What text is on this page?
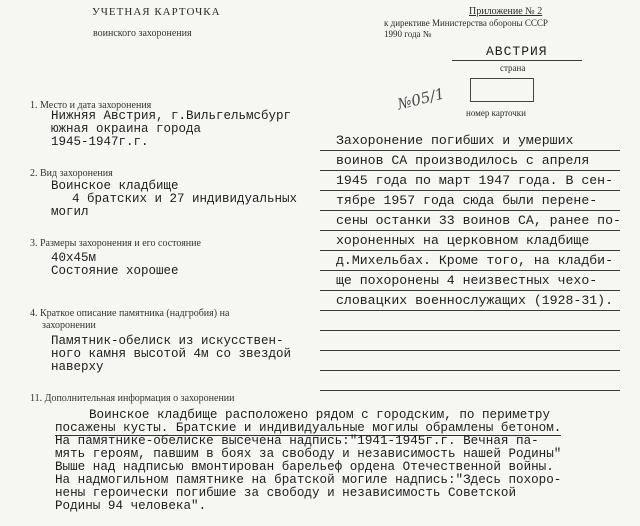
УЧЕТНАЯ КАРТОЧКА
воинского захоронения
Приложение № 2
к директиве Министерства обороны СССР
1990 года №
АВСТРИЯ
страна
номер карточки
№05/1
1. Место и дата захоронения
Нижняя Австрия, г.Вильгельмсбург
южная окраина города
1945-1947г.г.
2. Вид захоронения
Воинское кладбище
4 братских и 27 индивидуальных
могил
3. Размеры захоронения и его состояние
40х45м
Состояние хорошее
4. Краткое описание памятника (надгробия) на
захоронении
Памятник-обелиск из искусствен-
ного камня высотой 4м со звездой
наверху
11. Дополнительная информация о захоронении
Захоронение погибших и умерших
воинов СА производилось с апреля
1945 года по март 1947 года. В сен-
тябре 1957 года сюда были перене-
сены останки 33 воинов СА, ранее по-
хороненных на церковном кладбище
д.Михельбах. Кроме того, на кладби-
ще похоронены 4 неизвестных чехо-
словацких военнослужащих (1928-31).
Воинское кладбище расположено рядом с городским, по периметру
посажены кусты. Братские и индивидуальные могилы обрамлены бетоном.
На памятнике-обелиске высечена надпись:"1941-1945г.г. Вечная па-
мять героям, павшим в боях за свободу и независимость нашей Родины"
Выше над надписью вмонтирован барельеф ордена Отечественной войны.
На надмогильном памятнике на братской могиле надпись:"Здесь похоро-
нены героически погибшие за свободу и независимость Советской
Родины 94 человека".
